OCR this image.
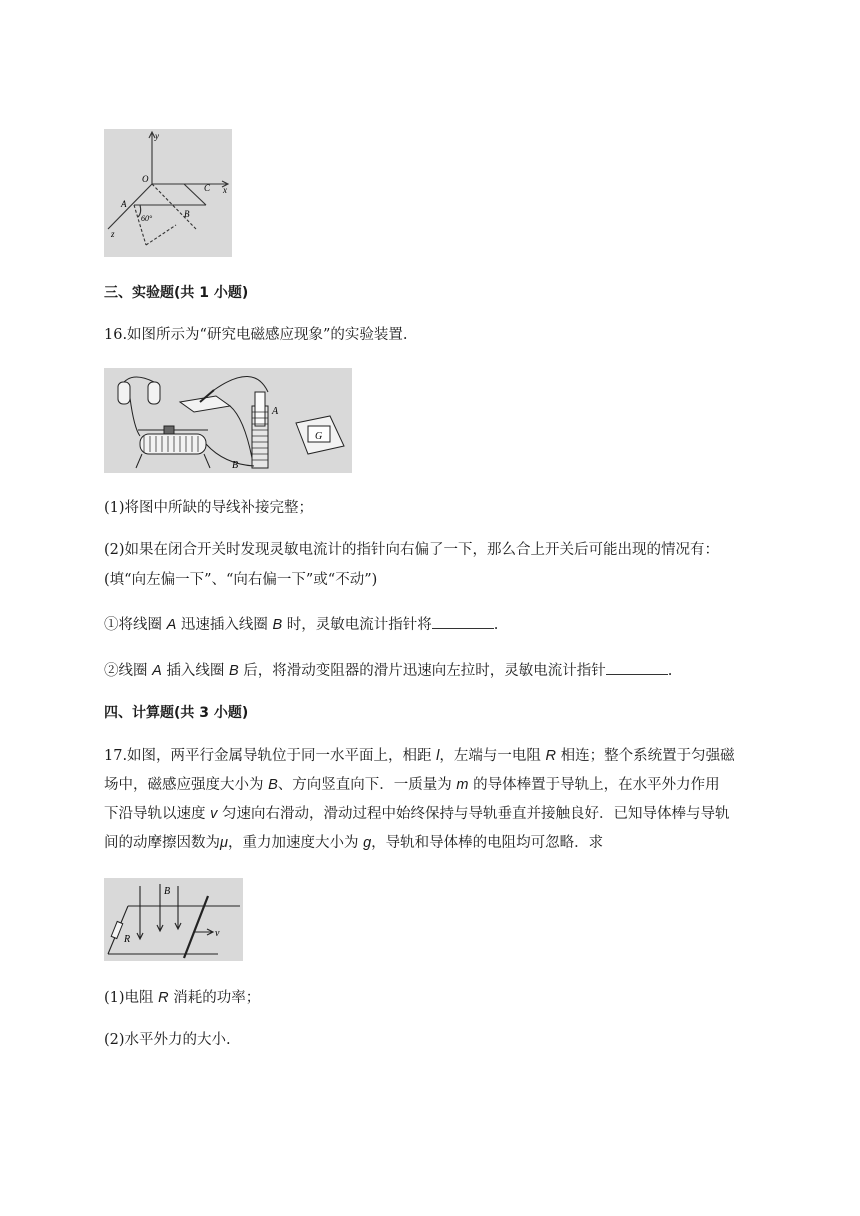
y
O
x
C
A
B
z
60°
三、实验题(共 1 小题)
16.如图所示为“研究电磁感应现象”的实验装置.
A
B
G
(1)将图中所缺的导线补接完整；
(2)如果在闭合开关时发现灵敏电流计的指针向右偏了一下，那么合上开关后可能出现的情况有：
(填“向左偏一下”、“向右偏一下”或“不动”)
①将线圈 A 迅速插入线圈 B 时，灵敏电流计指针将	.
②线圈 A 插入线圈 B 后，将滑动变阻器的滑片迅速向左拉时，灵敏电流计指针	.
四、计算题(共 3 小题)
17.如图，两平行金属导轨位于同一水平面上，相距 l，左端与一电阻 R 相连；整个系统置于匀强磁
场中，磁感应强度大小为 B、方向竖直向下．一质量为 m 的导体棒置于导轨上，在水平外力作用
下沿导轨以速度 v 匀速向右滑动，滑动过程中始终保持与导轨垂直并接触良好．已知导体棒与导轨
间的动摩擦因数为μ，重力加速度大小为 g，导轨和导体棒的电阻均可忽略．求
B
R
v
(1)电阻 R 消耗的功率；
(2)水平外力的大小.
